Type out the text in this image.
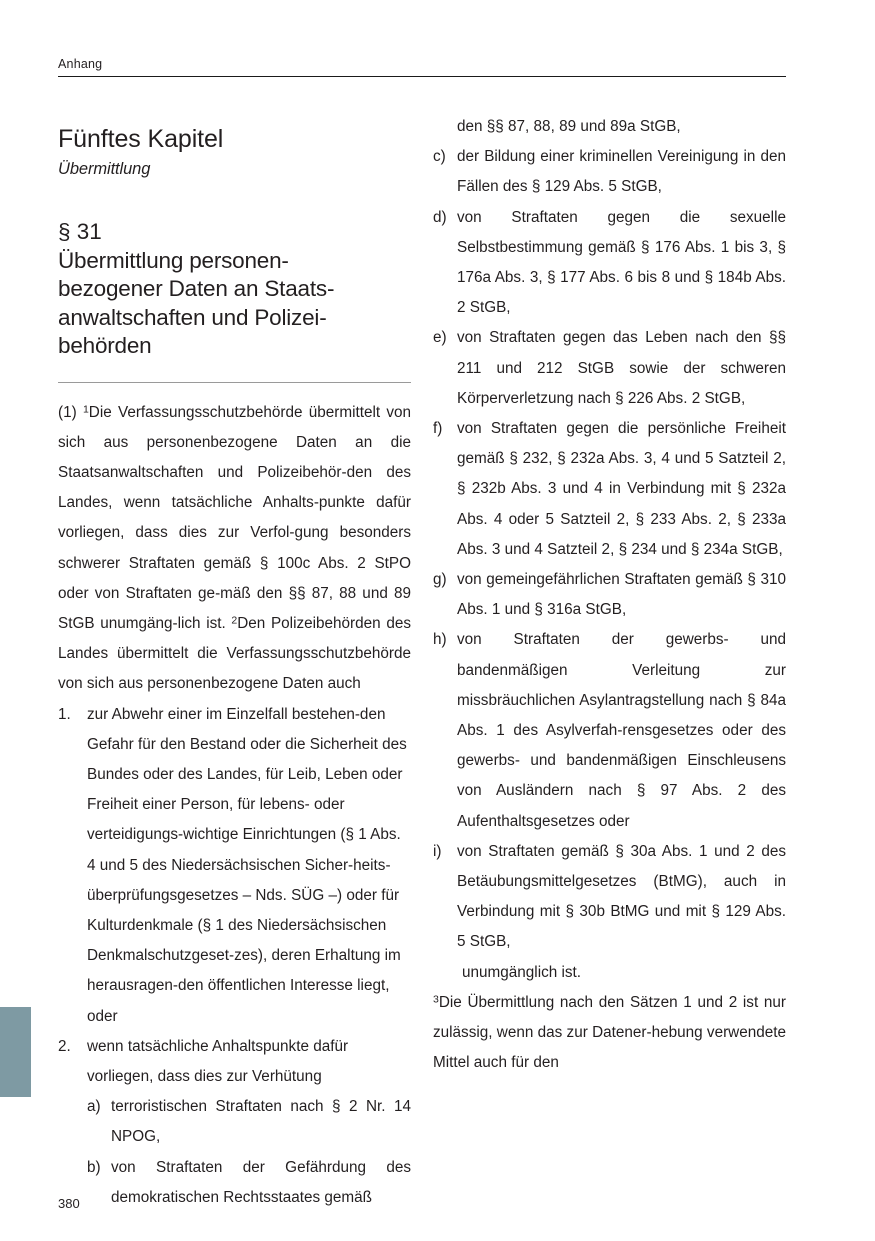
Anhang
Fünftes Kapitel
Übermittlung
§ 31
Übermittlung personen-
bezogener Daten an Staats-
anwaltschaften und Polizei-
behörden

(1) $^1$Die Verfassungsschutzbehörde übermittelt von sich aus personenbezogene Daten an die Staatsanwaltschaften und Polizeibehör-den des Landes, wenn tatsächliche Anhalts-punkte dafür vorliegen, dass dies zur Verfol-gung besonders schwerer Straftaten gemäß § 100c Abs. 2 StPO oder von Straftaten ge-mäß den §§ 87, 88 und 89 StGB unumgäng-lich ist. $^2$Den Polizeibehörden des Landes übermittelt die Verfassungsschutzbehörde von sich aus personenbezogene Daten auch

1.	zur Abwehr einer im Einzelfall bestehen-den Gefahr für den Bestand oder die Sicherheit des Bundes oder des Landes, für Leib, Leben oder Freiheit einer Person, für lebens- oder verteidigungs-wichtige Einrichtungen (§ 1 Abs. 4 und 5 des Niedersächsischen Sicher-heits-überprüfungsgesetzes – Nds. SÜG –) oder für Kulturdenkmale (§ 1 des Niedersächsischen Denkmalschutzgeset-zes), deren Erhaltung im herausragen-den öffentlichen Interesse liegt, oder
2.	wenn tatsächliche Anhaltspunkte dafür vorliegen, dass dies zur Verhütung
a) terroristischen Straftaten nach § 2 Nr. 14 NPOG,
b) von Straftaten der Gefährdung des demokratischen Rechtsstaates gemäß
den §§ 87, 88, 89 und 89a StGB,
c) der Bildung einer kriminellen Vereinigung in den Fällen des § 129 Abs. 5 StGB,
d) von Straftaten gegen die sexuelle Selbstbestimmung gemäß § 176 Abs. 1 bis 3, § 176a Abs. 3, § 177 Abs. 6 bis 8 und § 184b Abs. 2 StGB,
e) von Straftaten gegen das Leben nach den §§ 211 und 212 StGB sowie der schweren Körperverletzung nach § 226 Abs. 2 StGB,
f) von Straftaten gegen die persönliche Freiheit gemäß § 232, § 232a Abs. 3, 4 und 5 Satzteil 2, § 232b Abs. 3 und 4 in Verbindung mit § 232a Abs. 4 oder 5 Satzteil 2, § 233 Abs. 2, § 233a Abs. 3 und 4 Satzteil 2, § 234 und § 234a StGB,
g) von gemeingefährlichen Straftaten gemäß § 310 Abs. 1 und § 316a StGB,
h) von Straftaten der gewerbs- und bandenmäßigen Verleitung zur missbräuchlichen Asylantragstellung nach § 84a Abs. 1 des Asylverfah-rensgesetzes oder des gewerbs- und bandenmäßigen Einschleusens von Ausländern nach § 97 Abs. 2 des Aufenthaltsgesetzes oder
i)	von Straftaten gemäß § 30a Abs. 1 und 2 des Betäubungsmittelgesetzes (BtMG), auch in Verbindung mit § 30b BtMG und mit § 129 Abs. 5 StGB,
unumgänglich ist.

$^3$Die Übermittlung nach den Sätzen 1 und 2 ist nur zulässig, wenn das zur Datener-hebung verwendete Mittel auch für den

380
